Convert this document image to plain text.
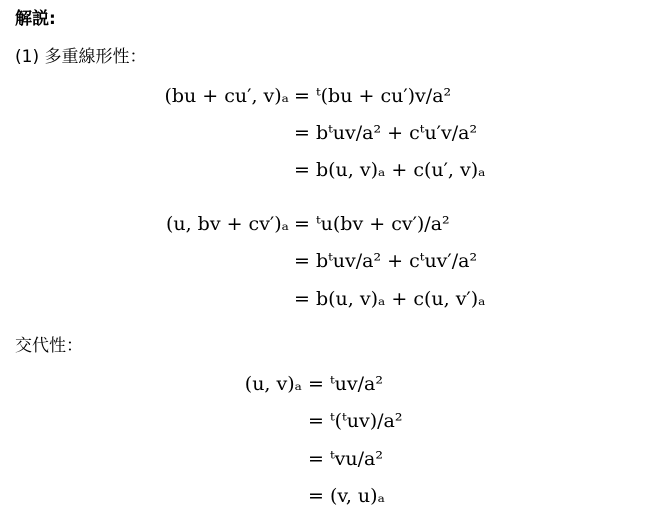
解説:
(1) 多重線形性：
(bu + cu′, v)ₐ = ᵗ(bu + cu′)v/a²
= bᵗuv/a² + cᵗu′v/a²
= b(u, v)ₐ + c(u′, v)ₐ
(u, bv + cv′)ₐ = ᵗu(bv + cv′)/a²
= bᵗuv/a² + cᵗuv′/a²
= b(u, v)ₐ + c(u, v′)ₐ
交代性：
(u, v)ₐ = ᵗuv/a²
= ᵗ(ᵗuv)/a²
= ᵗvu/a²
= (v, u)ₐ
